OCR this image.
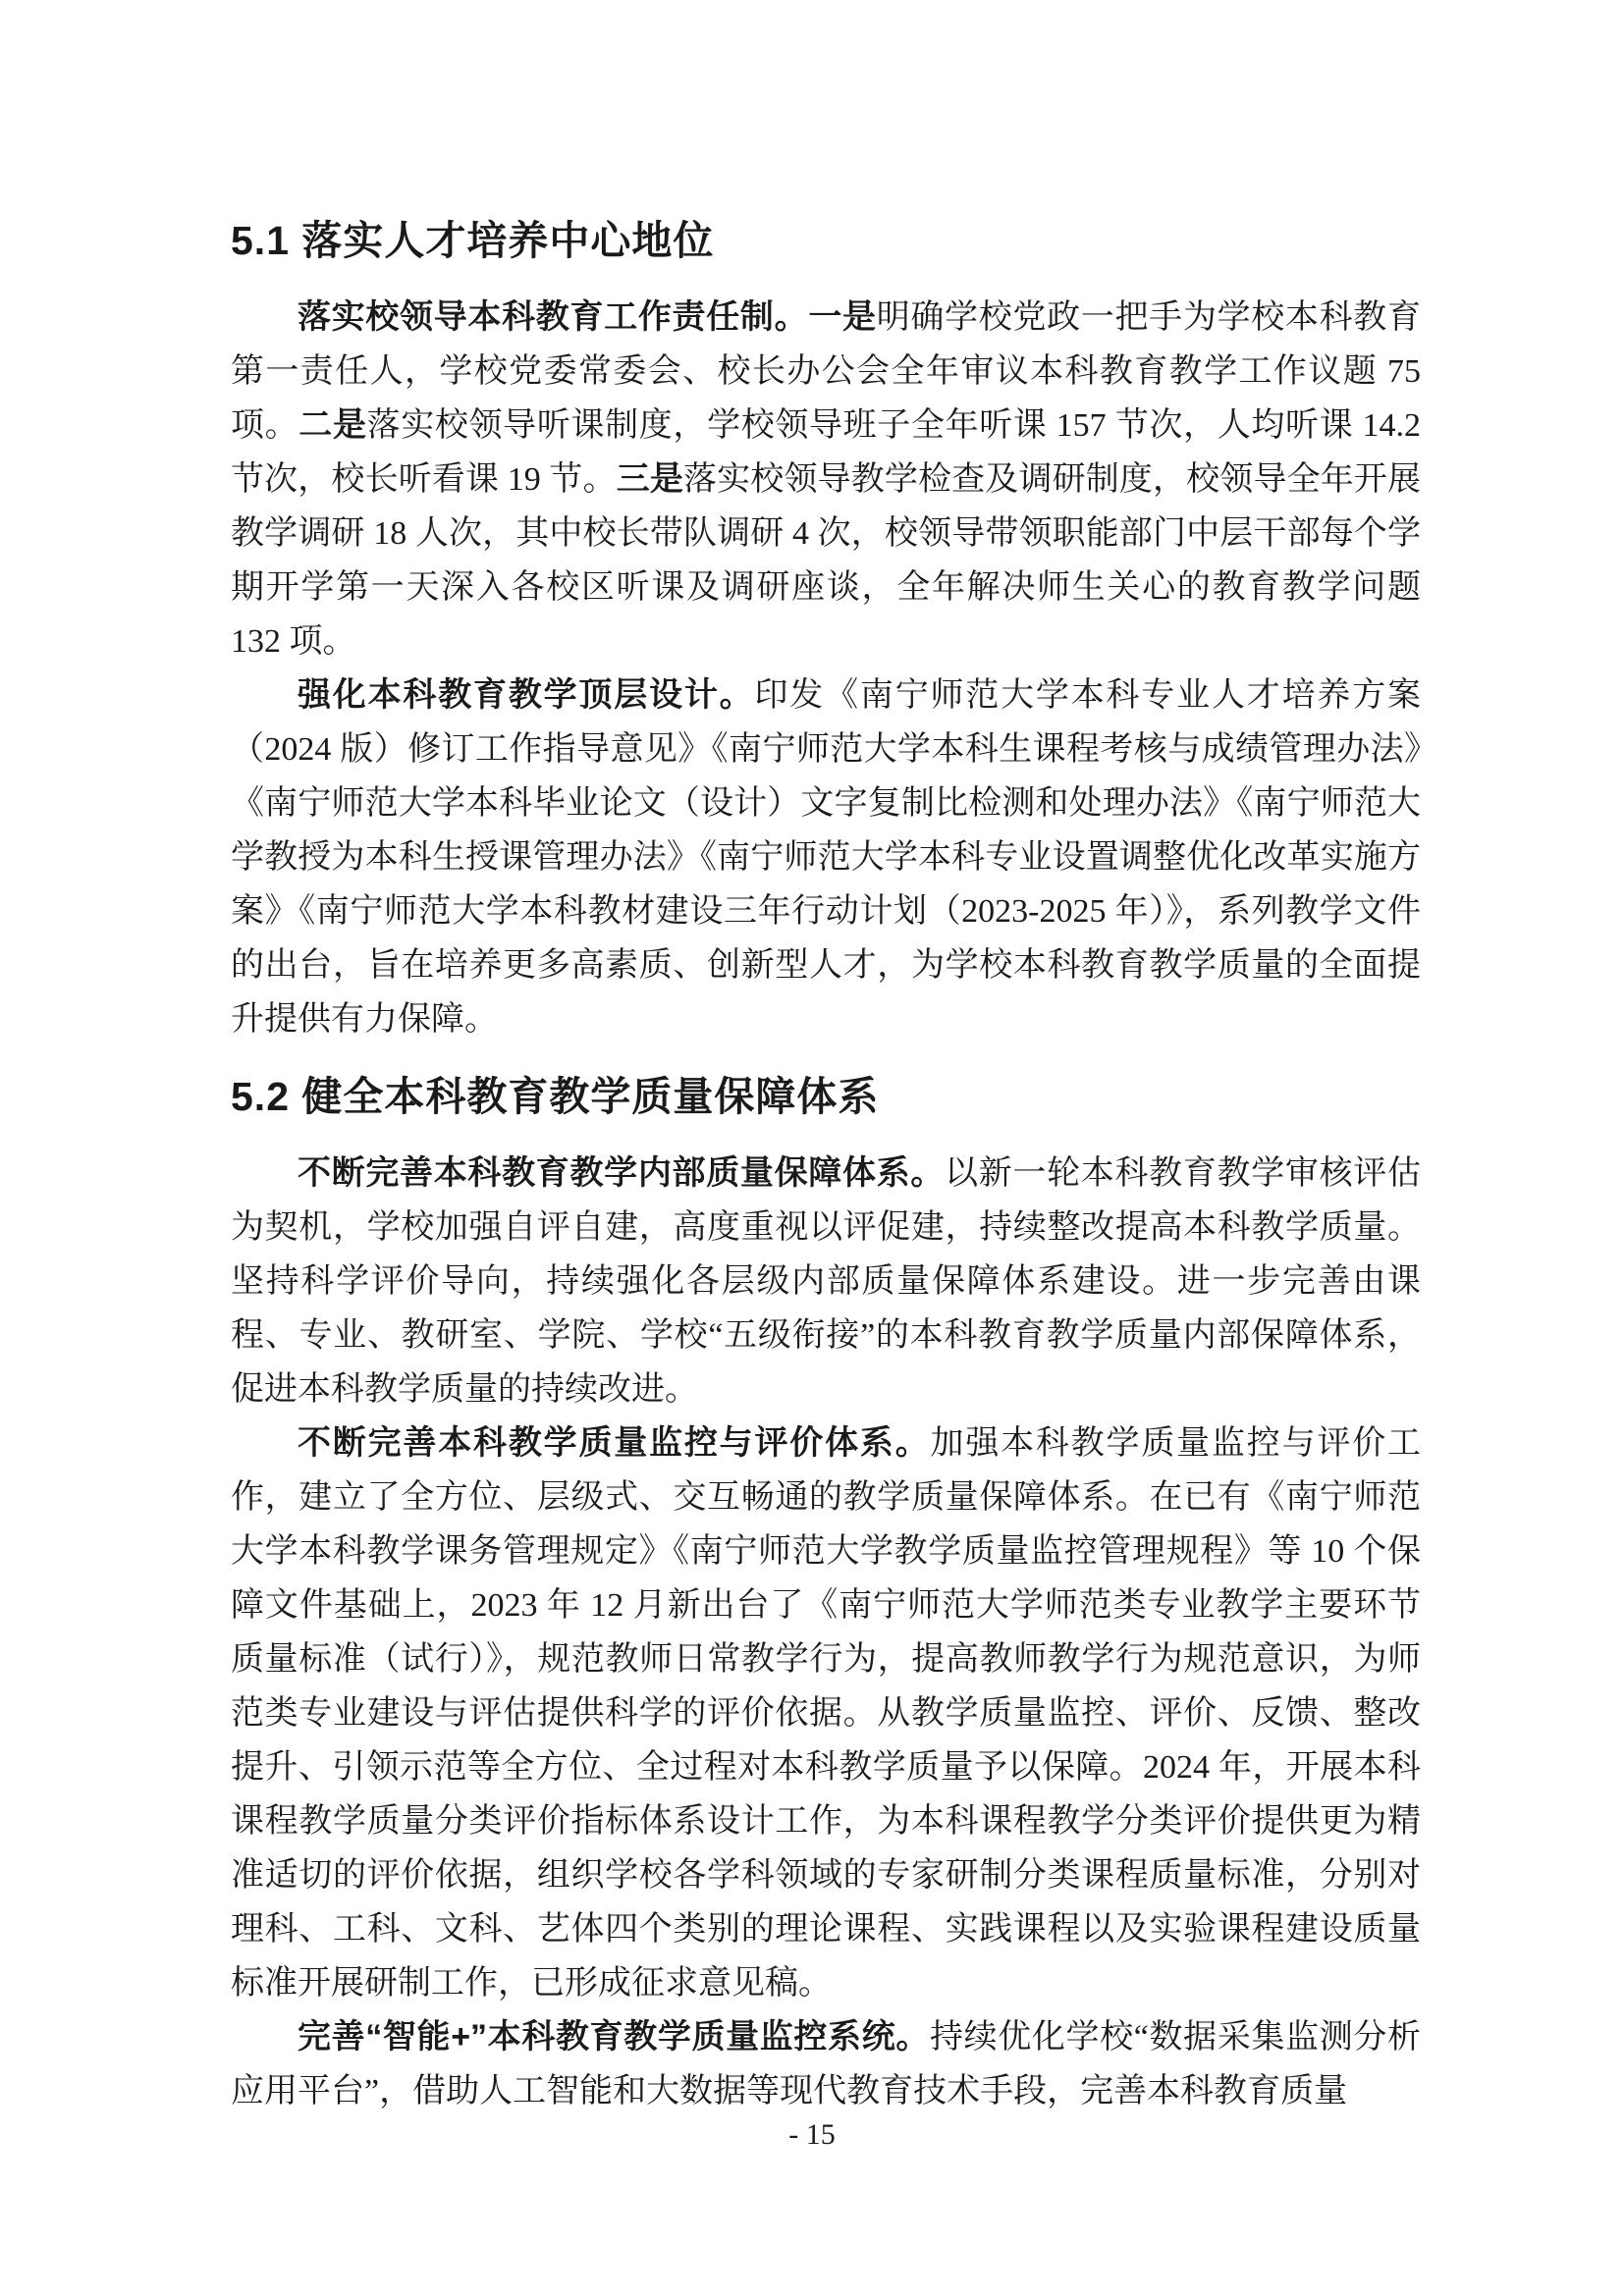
5.1 落实人才培养中心地位

落实校领导本科教育工作责任制。一是明确学校党政一把手为学校本科教育第一责任人，学校党委常委会、校长办公会全年审议本科教育教学工作议题 75 项。二是落实校领导听课制度，学校领导班子全年听课 157 节次，人均听课 14.2 节次，校长听看课 19 节。三是落实校领导教学检查及调研制度，校领导全年开展教学调研 18 人次，其中校长带队调研 4 次，校领导带领职能部门中层干部每个学期开学第一天深入各校区听课及调研座谈，全年解决师生关心的教育教学问题 132 项。

强化本科教育教学顶层设计。印发《南宁师范大学本科专业人才培养方案（2024 版）修订工作指导意见》《南宁师范大学本科生课程考核与成绩管理办法》《南宁师范大学本科毕业论文（设计）文字复制比检测和处理办法》《南宁师范大学教授为本科生授课管理办法》《南宁师范大学本科专业设置调整优化改革实施方案》《南宁师范大学本科教材建设三年行动计划（2023-2025 年）》，系列教学文件的出台，旨在培养更多高素质、创新型人才，为学校本科教育教学质量的全面提升提供有力保障。

5.2 健全本科教育教学质量保障体系

不断完善本科教育教学内部质量保障体系。以新一轮本科教育教学审核评估为契机，学校加强自评自建，高度重视以评促建，持续整改提高本科教学质量。坚持科学评价导向，持续强化各层级内部质量保障体系建设。进一步完善由课程、专业、教研室、学院、学校“五级衔接”的本科教育教学质量内部保障体系，促进本科教学质量的持续改进。

不断完善本科教学质量监控与评价体系。加强本科教学质量监控与评价工作，建立了全方位、层级式、交互畅通的教学质量保障体系。在已有《南宁师范大学本科教学课务管理规定》《南宁师范大学教学质量监控管理规程》等 10 个保障文件基础上，2023 年 12 月新出台了《南宁师范大学师范类专业教学主要环节质量标准（试行）》，规范教师日常教学行为，提高教师教学行为规范意识，为师范类专业建设与评估提供科学的评价依据。从教学质量监控、评价、反馈、整改提升、引领示范等全方位、全过程对本科教学质量予以保障。2024 年，开展本科课程教学质量分类评价指标体系设计工作，为本科课程教学分类评价提供更为精准适切的评价依据，组织学校各学科领域的专家研制分类课程质量标准，分别对理科、工科、文科、艺体四个类别的理论课程、实践课程以及实验课程建设质量标准开展研制工作，已形成征求意见稿。

完善“智能+”本科教育教学质量监控系统。持续优化学校“数据采集监测分析应用平台”，借助人工智能和大数据等现代教育技术手段，完善本科教育质量

- 15
